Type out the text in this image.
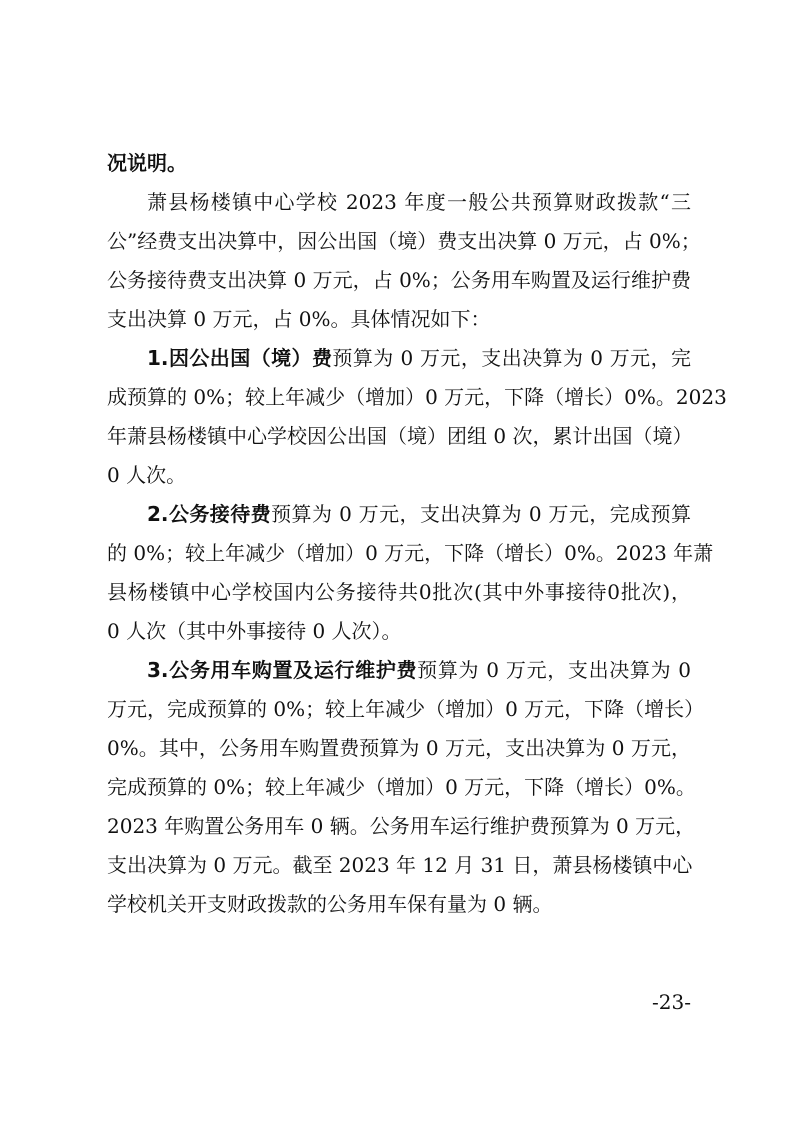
况说明。
萧县杨楼镇中心学校 2023 年度一般公共预算财政拨款“三
公”经费支出决算中，因公出国（境）费支出决算 0 万元，占 0%；
公务接待费支出决算 0 万元，占 0%；公务用车购置及运行维护费
支出决算 0 万元，占 0%。具体情况如下：
1.因公出国（境）费预算为 0 万元，支出决算为 0 万元，完
成预算的 0%；较上年减少（增加）0 万元，下降（增长）0%。2023
年萧县杨楼镇中心学校因公出国（境）团组 0 次，累计出国（境）
0 人次。
2.公务接待费预算为 0 万元，支出决算为 0 万元，完成预算
的 0%；较上年减少（增加）0 万元，下降（增长）0%。2023 年萧
县杨楼镇中心学校国内公务接待共0批次(其中外事接待0批次)，
0 人次（其中外事接待 0 人次）。
3.公务用车购置及运行维护费预算为 0 万元，支出决算为 0
万元，完成预算的 0%；较上年减少（增加）0 万元，下降（增长）
0%。其中，公务用车购置费预算为 0 万元，支出决算为 0 万元，
完成预算的 0%；较上年减少（增加）0 万元，下降（增长）0%。
2023 年购置公务用车 0 辆。公务用车运行维护费预算为 0 万元，
支出决算为 0 万元。截至 2023 年 12 月 31 日，萧县杨楼镇中心
学校机关开支财政拨款的公务用车保有量为 0 辆。
-23-
